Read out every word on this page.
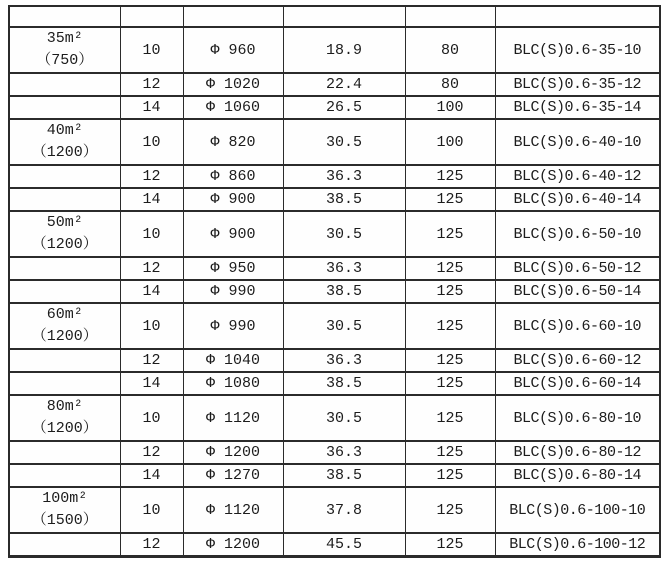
35m²
（750）	10	Φ 960	18.9	80	BLC(S)0.6-35-10
	12	Φ 1020	22.4	80	BLC(S)0.6-35-12
	14	Φ 1060	26.5	100	BLC(S)0.6-35-14
40m²
（1200）	10	Φ 820	30.5	100	BLC(S)0.6-40-10
	12	Φ 860	36.3	125	BLC(S)0.6-40-12
	14	Φ 900	38.5	125	BLC(S)0.6-40-14
50m²
（1200）	10	Φ 900	30.5	125	BLC(S)0.6-50-10
	12	Φ 950	36.3	125	BLC(S)0.6-50-12
	14	Φ 990	38.5	125	BLC(S)0.6-50-14
60m²
（1200）	10	Φ 990	30.5	125	BLC(S)0.6-60-10
	12	Φ 1040	36.3	125	BLC(S)0.6-60-12
	14	Φ 1080	38.5	125	BLC(S)0.6-60-14
80m²
（1200）	10	Φ 1120	30.5	125	BLC(S)0.6-80-10
	12	Φ 1200	36.3	125	BLC(S)0.6-80-12
	14	Φ 1270	38.5	125	BLC(S)0.6-80-14
100m²
（1500）	10	Φ 1120	37.8	125	BLC(S)0.6-100-10
	12	Φ 1200	45.5	125	BLC(S)0.6-100-12
